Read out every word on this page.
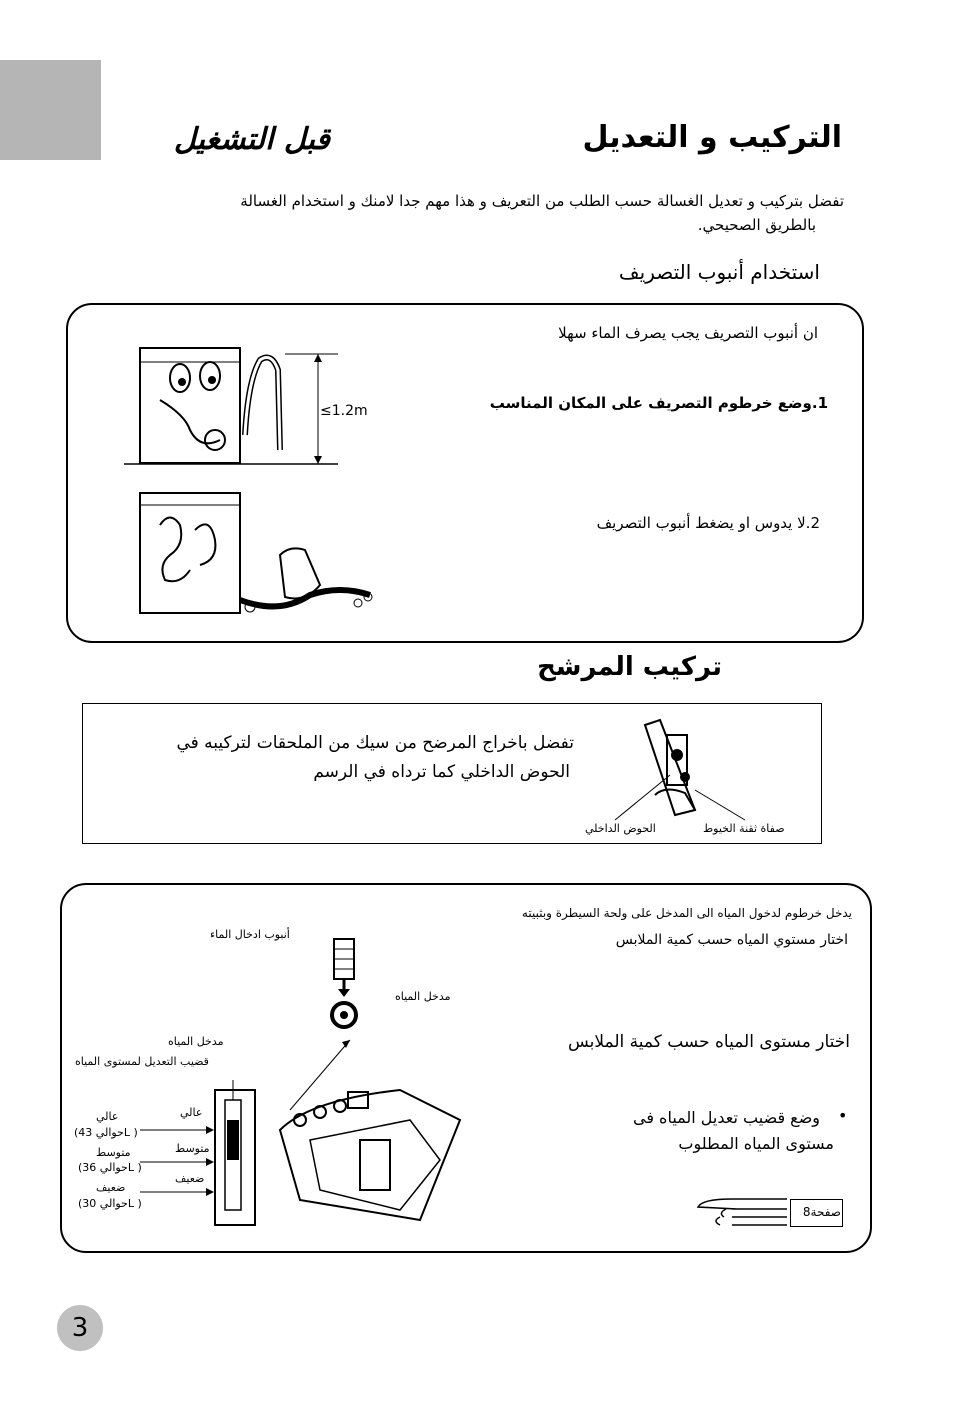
التركيب و التعديل
قبل التشغيل
تفضل بتركيب و تعديل الغسالة حسب الطلب من التعريف و هذا مهم جدا لامنك و استخدام الغسالة
بالطريق الصحيحي.
استخدام أنبوب التصريف
ان أنبوب التصريف يجب يصرف الماء سهلا
1.وضع خرطوم التصريف على المكان المناسب
2.لا يدوس او يضغط أنبوب التصريف
≤1.2m
تركيب المرشح
تفضل باخراج المرضح من سيك من الملحقات لتركيبه في
الحوض الداخلي كما ترداه في الرسم
الحوض الداخلي	صفاة ثقنة الخيوط
يدخل خرطوم لدخول المياه الى المدخل على ولحة السيطرة وبثبيته
اختار مستوي المياه حسب كمية الملابس
اختار مستوى المياه حسب كمية الملابس
•
وضع قضيب تعديل المياه فى
مستوى المياه المطلوب
صفحة8
أنبوب ادخال الماء
مدخل المياه
مدخل المياه
قضيب التعديل لمستوى المياه
عالي
(حوالي 43L )
عالي
متوسط
(حوالي 36L )
متوسط
ضعيف
(حوالي 30L )
ضعيف
3
